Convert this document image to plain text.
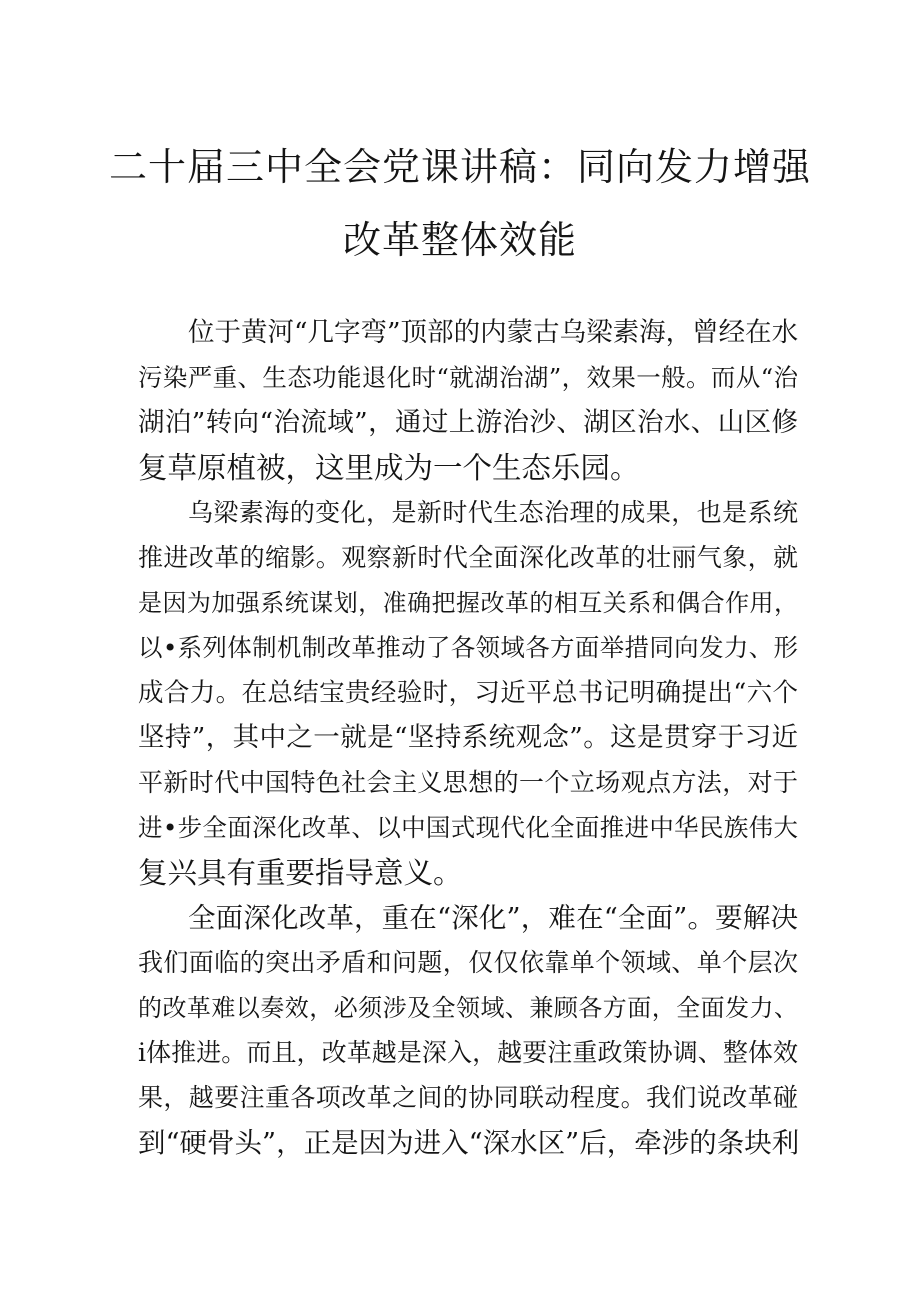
二十届三中全会党课讲稿：同向发力增强
改革整体效能
位于黄河“几字弯”顶部的内蒙古乌梁素海，曾经在水
污染严重、生态功能退化时“就湖治湖”，效果一般。而从“治
湖泊”转向“治流域”，通过上游治沙、湖区治水、山区修
复草原植被，这里成为一个生态乐园。
乌梁素海的变化，是新时代生态治理的成果，也是系统
推进改革的缩影。观察新时代全面深化改革的壮丽气象，就
是因为加强系统谋划，准确把握改革的相互关系和偶合作用，
以•系列体制机制改革推动了各领域各方面举措同向发力、形
成合力。在总结宝贵经验时，习近平总书记明确提出“六个
坚持”，其中之一就是“坚持系统观念”。这是贯穿于习近
平新时代中国特色社会主义思想的一个立场观点方法，对于
进•步全面深化改革、以中国式现代化全面推进中华民族伟大
复兴具有重要指导意义。
全面深化改革，重在“深化”，难在“全面”。要解决
我们面临的突出矛盾和问题，仅仅依靠单个领域、单个层次
的改革难以奏效，必须涉及全领域、兼顾各方面，全面发力、
i体推进。而且，改革越是深入，越要注重政策协调、整体效
果，越要注重各项改革之间的协同联动程度。我们说改革碰
到“硬骨头”，正是因为进入“深水区”后，牵涉的条块利
